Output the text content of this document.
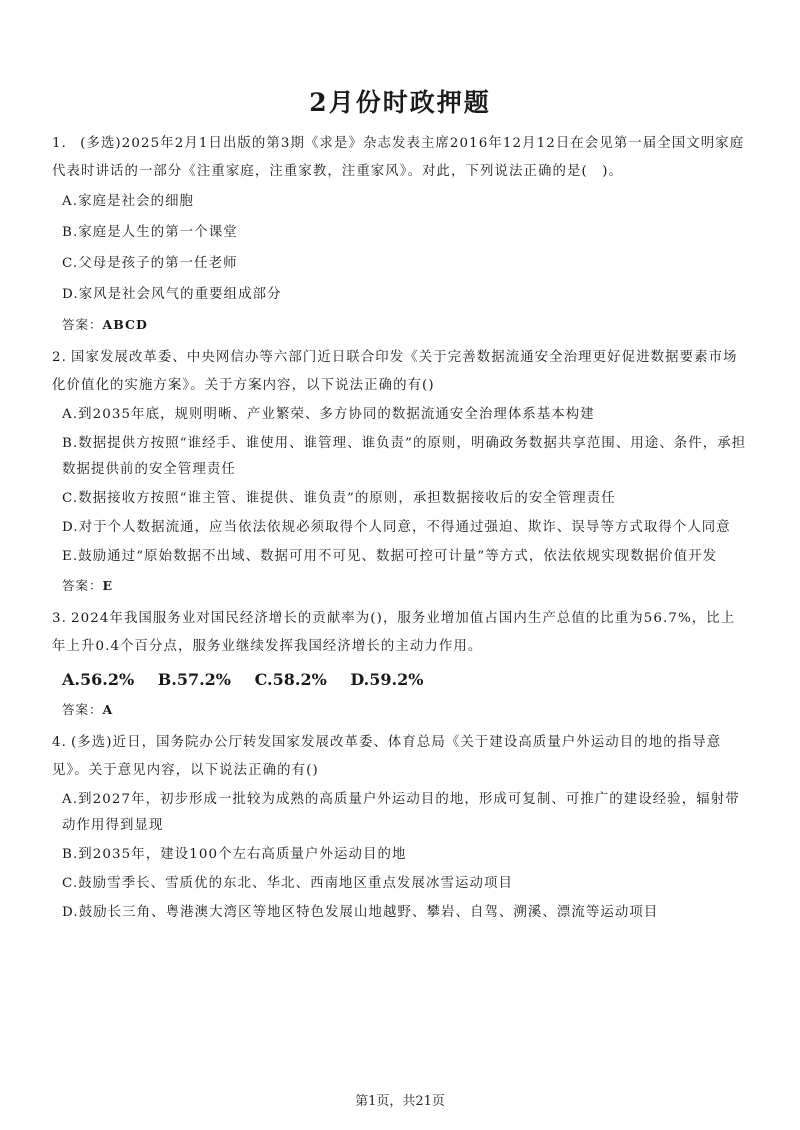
2月份时政押题

1． (多选)2025年2月1日出版的第3期《求是》杂志发表主席2016年12月12日在会见第一届全国文明家庭代表时讲话的一部分《注重家庭，注重家教，注重家风》。对此，下列说法正确的是(　)。

A.家庭是社会的细胞

B.家庭是人生的第一个课堂

C.父母是孩子的第一任老师

D.家风是社会风气的重要组成部分

答案：ABCD

2. 国家发展改革委、中央网信办等六部门近日联合印发《关于完善数据流通安全治理更好促进数据要素市场化价值化的实施方案》。关于方案内容，以下说法正确的有()

A.到2035年底，规则明晰、产业繁荣、多方协同的数据流通安全治理体系基本构建

B.数据提供方按照“谁经手、谁使用、谁管理、谁负责”的原则，明确政务数据共享范围、用途、条件，承担数据提供前的安全管理责任

C.数据接收方按照“谁主管、谁提供、谁负责”的原则，承担数据接收后的安全管理责任

D.对于个人数据流通，应当依法依规必须取得个人同意，不得通过强迫、欺诈、误导等方式取得个人同意

E.鼓励通过“原始数据不出域、数据可用不可见、数据可控可计量”等方式，依法依规实现数据价值开发

答案：E

3. 2024年我国服务业对国民经济增长的贡献率为()，服务业增加值占国内生产总值的比重为56.7%，比上年上升0.4个百分点，服务业继续发挥我国经济增长的主动力作用。

A.56.2% B.57.2% C.58.2% D.59.2%

答案：A

4. (多选)近日，国务院办公厅转发国家发展改革委、体育总局《关于建设高质量户外运动目的地的指导意见》。关于意见内容，以下说法正确的有()

A.到2027年，初步形成一批较为成熟的高质量户外运动目的地，形成可复制、可推广的建设经验，辐射带动作用得到显现

B.到2035年，建设100个左右高质量户外运动目的地

C.鼓励雪季长、雪质优的东北、华北、西南地区重点发展冰雪运动项目

D.鼓励长三角、粤港澳大湾区等地区特色发展山地越野、攀岩、自驾、溯溪、漂流等运动项目

第1页，共21页
